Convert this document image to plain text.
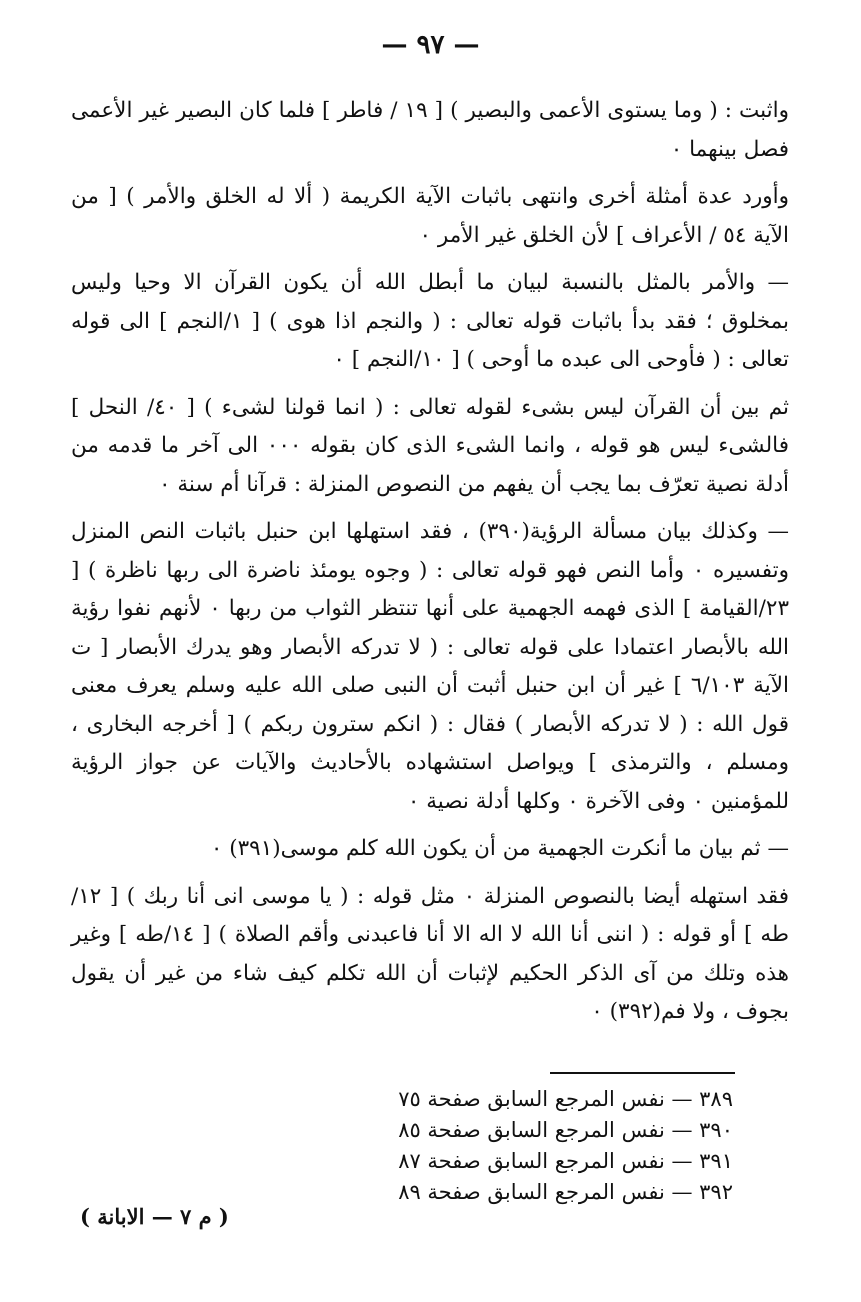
— ٩٧ —

واثبت : ( وما يستوى الأعمى والبصير ) [ ١٩ / فاطر ] فلما كان البصير غير الأعمى فصل بينهما ٠

وأورد عدة أمثلة أخرى وانتهى باثبات الآية الكريمة ( ألا له الخلق والأمر ) [ من الآية ٥٤ / الأعراف ] لأن الخلق غير الأمر ٠

— والأمر بالمثل بالنسبة لبيان ما أبطل الله أن يكون القرآن الا وحيا وليس بمخلوق ؛ فقد بدأ باثبات قوله تعالى : ( والنجم اذا هوى ) [ ١/النجم ] الى قوله تعالى : ( فأوحى الى عبده ما أوحى ) [ ١٠/النجم ] ٠

ثم بين أن القرآن ليس بشىء لقوله تعالى : ( انما قولنا لشىء ) [ ٤٠/ النحل ] فالشىء ليس هو قوله ، وانما الشىء الذى كان بقوله ٠٠٠ الى آخر ما قدمه من أدلة نصية تعرّف بما يجب أن يفهم من النصوص المنزلة : قرآنا أم سنة ٠

— وكذلك بيان مسألة الرؤية(٣٩٠) ، فقد استهلها ابن حنبل باثبات النص المنزل وتفسيره ٠ وأما النص فهو قوله تعالى : ( وجوه يومئذ ناضرة الى ربها ناظرة ) [ ٢٣/القيامة ] الذى فهمه الجهمية على أنها تنتظر الثواب من ربها ٠ لأنهم نفوا رؤية الله بالأبصار اعتمادا على قوله تعالى : ( لا تدركه الأبصار وهو يدرك الأبصار [ ت الآية ٦/١٠٣ ] غير أن ابن حنبل أثبت أن النبى صلى الله عليه وسلم يعرف معنى قول الله : ( لا تدركه الأبصار ) فقال : ( انكم سترون ربكم ) [ أخرجه البخارى ، ومسلم ، والترمذى ] ويواصل استشهاده بالأحاديث والآيات عن جواز الرؤية للمؤمنين ٠ وفى الآخرة ٠ وكلها أدلة نصية ٠

— ثم بيان ما أنكرت الجهمية من أن يكون الله كلم موسى(٣٩١) ٠

فقد استهله أيضا بالنصوص المنزلة ٠ مثل قوله : ( يا موسى انى أنا ربك ) [ ١٢/طه ] أو قوله : ( اننى أنا الله لا اله الا أنا فاعبدنى وأقم الصلاة ) [ ١٤/طه ] وغير هذه وتلك من آى الذكر الحكيم لإثبات أن الله تكلم كيف شاء من غير أن يقول بجوف ، ولا فم(٣٩٢) ٠

٣٨٩ — نفس المرجع السابق صفحة ٧٥
٣٩٠ — نفس المرجع السابق صفحة ٨٥
٣٩١ — نفس المرجع السابق صفحة ٨٧
٣٩٢ — نفس المرجع السابق صفحة ٨٩
( م ٧ — الابانة )
